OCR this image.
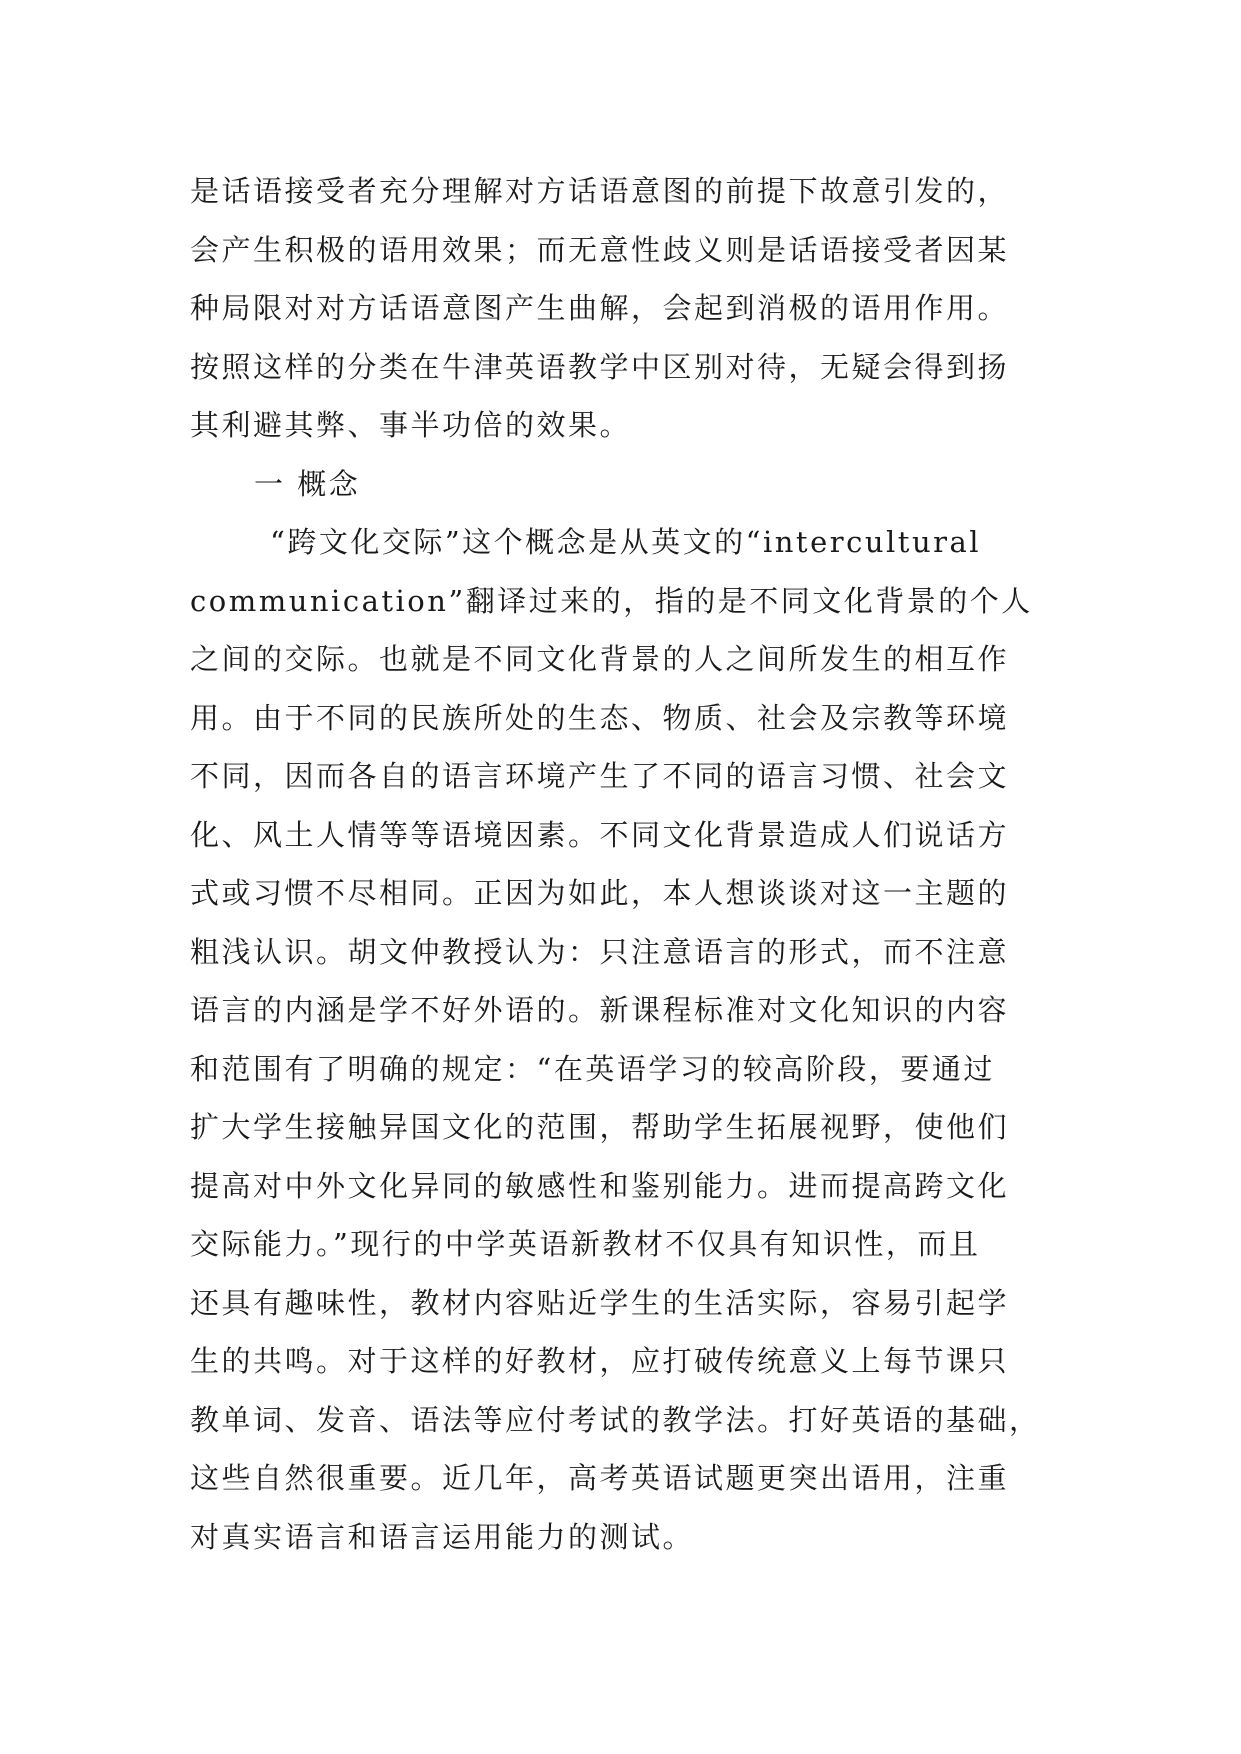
是话语接受者充分理解对方话语意图的前提下故意引发的，
会产生积极的语用效果；而无意性歧义则是话语接受者因某
种局限对对方话语意图产生曲解，会起到消极的语用作用。
按照这样的分类在牛津英语教学中区别对待，无疑会得到扬
其利避其弊、事半功倍的效果。
一 概念
“跨文化交际”这个概念是从英文的“intercultural
communication”翻译过来的，指的是不同文化背景的个人
之间的交际。也就是不同文化背景的人之间所发生的相互作
用。由于不同的民族所处的生态、物质、社会及宗教等环境
不同，因而各自的语言环境产生了不同的语言习惯、社会文
化、风土人情等等语境因素。不同文化背景造成人们说话方
式或习惯不尽相同。正因为如此，本人想谈谈对这一主题的
粗浅认识。胡文仲教授认为：只注意语言的形式，而不注意
语言的内涵是学不好外语的。新课程标准对文化知识的内容
和范围有了明确的规定：“在英语学习的较高阶段，要通过
扩大学生接触异国文化的范围，帮助学生拓展视野，使他们
提高对中外文化异同的敏感性和鉴别能力。进而提高跨文化
交际能力。”现行的中学英语新教材不仅具有知识性，而且
还具有趣味性，教材内容贴近学生的生活实际，容易引起学
生的共鸣。对于这样的好教材，应打破传统意义上每节课只
教单词、发音、语法等应付考试的教学法。打好英语的基础，
这些自然很重要。近几年，高考英语试题更突出语用，注重
对真实语言和语言运用能力的测试。
